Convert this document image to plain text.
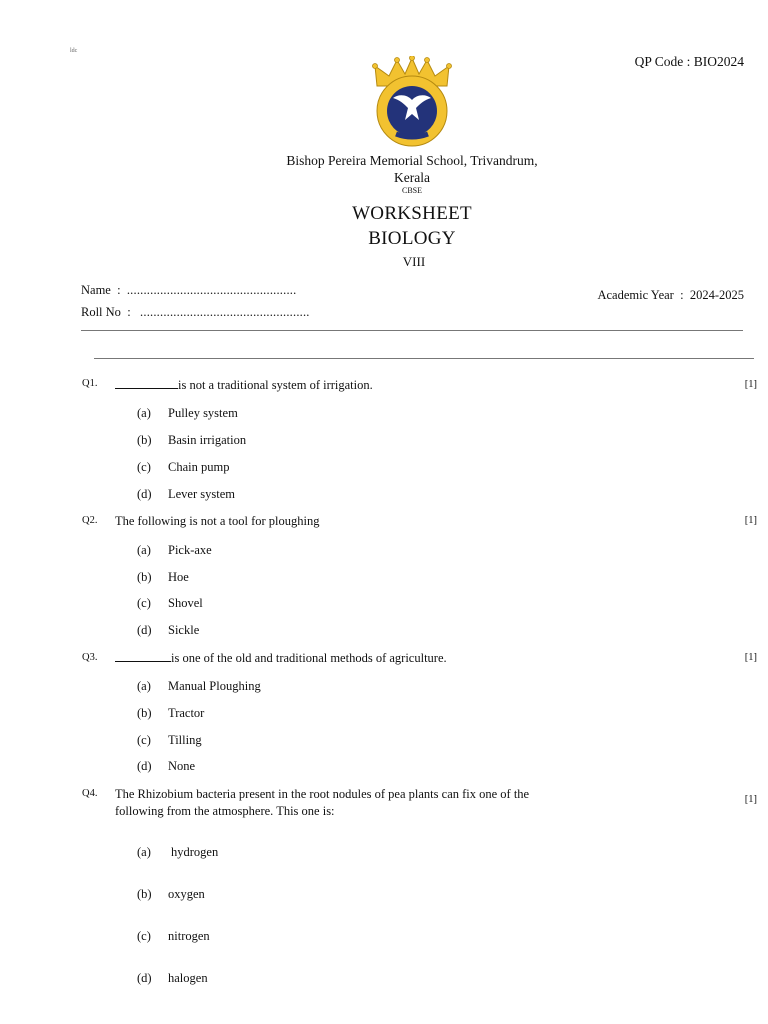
ldc
QP Code : BIO2024
Bishop Pereira Memorial School, Trivandrum,
Kerala
CBSE
WORKSHEET
BIOLOGY
VIII
Name : ...................................................
Roll No : ...................................................
Academic Year : 2024-2025
Q1.	is not a traditional system of irrigation.	[1]
(a) Pulley system
(b) Basin irrigation
(c) Chain pump
(d) Lever system
Q2. The following is not a tool for ploughing	[1]
(a) Pick-axe
(b) Hoe
(c) Shovel
(d) Sickle
Q3.	is one of the old and traditional methods of agriculture.	[1]
(a) Manual Ploughing
(b) Tractor
(c) Tilling
(d) None
Q4. The Rhizobium bacteria present in the root nodules of pea plants can fix one of the following from the atmosphere. This one is:
[1]
(a) hydrogen
(b) oxygen
(c) nitrogen
(d) halogen
